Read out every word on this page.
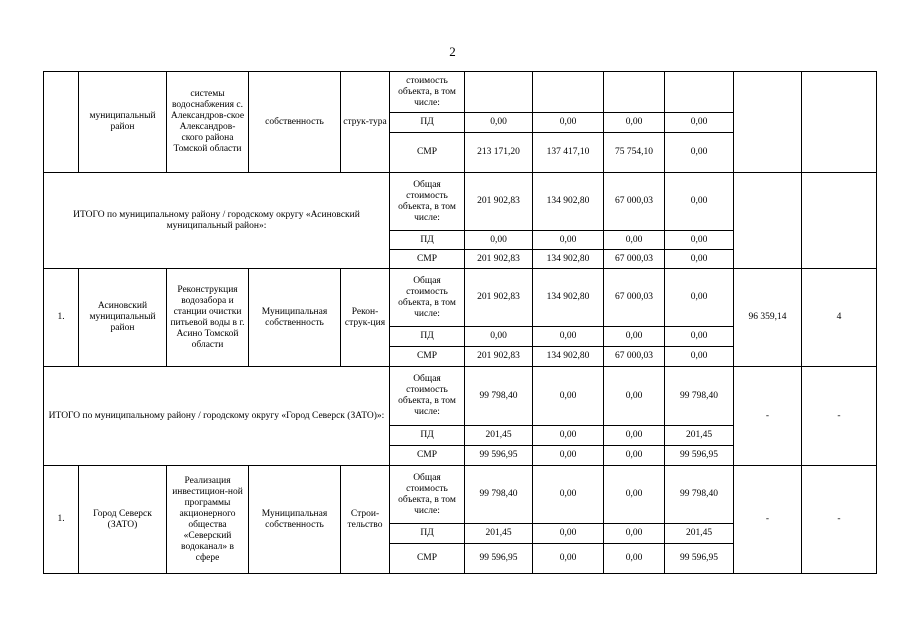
2
	муниципальный район	системы водоснабжения с. Александров-ское Александров-ского района Томской области	собственность	струк-тура	стоимость объекта, в том числе:						
					ПД	0,00	0,00	0,00	0,00		
					СМР	213 171,20	137 417,10	75 754,10	0,00		
ИТОГО по муниципальному району / городскому округу «Асиновский муниципальный район»:					Общая стоимость объекта, в том числе:	201 902,83	134 902,80	67 000,03	0,00		
					ПД	0,00	0,00	0,00	0,00		
					СМР	201 902,83	134 902,80	67 000,03	0,00		
1.	Асиновский муниципальный район	Реконструкция водозабора и станции очистки питьевой воды в г. Асино Томской области	Муниципальная собственность	Рекон-струк-ция	Общая стоимость объекта, в том числе:	201 902,83	134 902,80	67 000,03	0,00	96 359,14	4
					ПД	0,00	0,00	0,00	0,00		
					СМР	201 902,83	134 902,80	67 000,03	0,00		
ИТОГО по муниципальному району / городскому округу «Город Северск (ЗАТО)»:					Общая стоимость объекта, в том числе:	99 798,40	0,00	0,00	99 798,40	-	-
					ПД	201,45	0,00	0,00	201,45		
					СМР	99 596,95	0,00	0,00	99 596,95		
1.	Город Северск (ЗАТО)	Реализация инвестицион-ной программы акционерного общества «Северский водоканал» в сфере	Муниципальная собственность	Строи-тельство	Общая стоимость объекта, в том числе:	99 798,40	0,00	0,00	99 798,40	-	-
					ПД	201,45	0,00	0,00	201,45		
					СМР	99 596,95	0,00	0,00	99 596,95		
